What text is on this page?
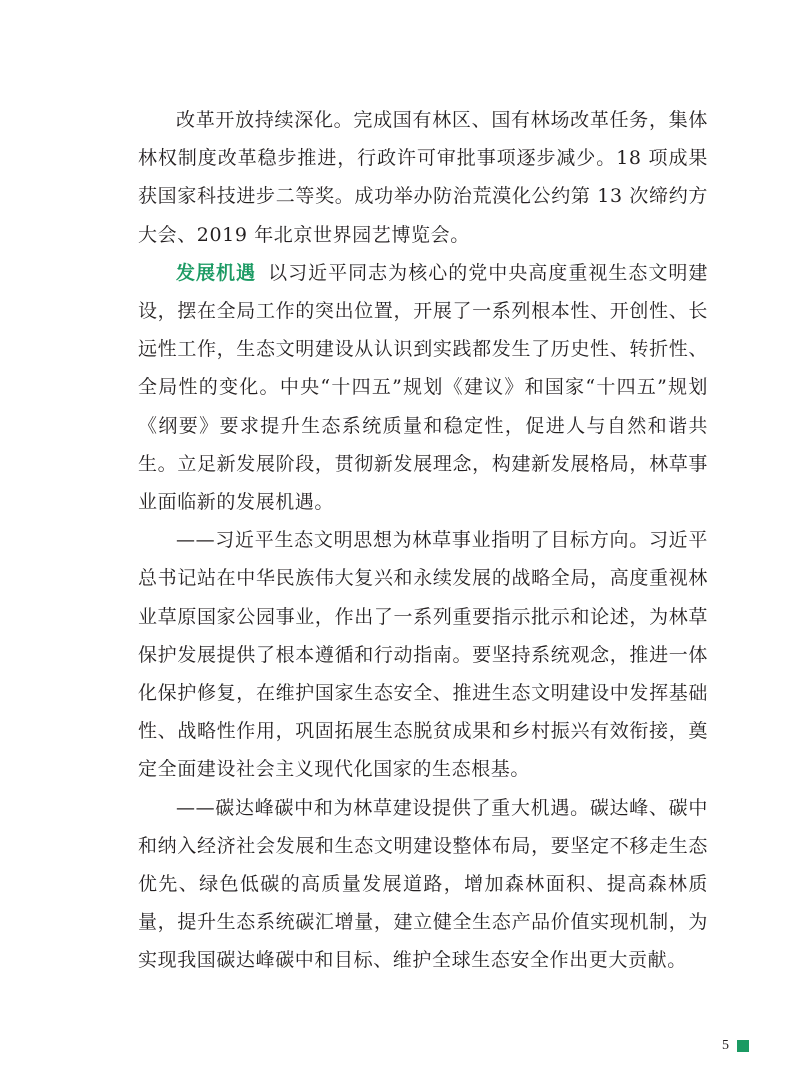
改革开放持续深化。完成国有林区、国有林场改革任务，集体林权制度改革稳步推进，行政许可审批事项逐步减少。18 项成果获国家科技进步二等奖。成功举办防治荒漠化公约第 13 次缔约方大会、2019 年北京世界园艺博览会。

发展机遇 以习近平同志为核心的党中央高度重视生态文明建设，摆在全局工作的突出位置，开展了一系列根本性、开创性、长远性工作，生态文明建设从认识到实践都发生了历史性、转折性、全局性的变化。中央“十四五”规划《建议》和国家“十四五”规划《纲要》要求提升生态系统质量和稳定性，促进人与自然和谐共生。立足新发展阶段，贯彻新发展理念，构建新发展格局，林草事业面临新的发展机遇。

——习近平生态文明思想为林草事业指明了目标方向。习近平总书记站在中华民族伟大复兴和永续发展的战略全局，高度重视林业草原国家公园事业，作出了一系列重要指示批示和论述，为林草保护发展提供了根本遵循和行动指南。要坚持系统观念，推进一体化保护修复，在维护国家生态安全、推进生态文明建设中发挥基础性、战略性作用，巩固拓展生态脱贫成果和乡村振兴有效衔接，奠定全面建设社会主义现代化国家的生态根基。

——碳达峰碳中和为林草建设提供了重大机遇。碳达峰、碳中和纳入经济社会发展和生态文明建设整体布局，要坚定不移走生态优先、绿色低碳的高质量发展道路，增加森林面积、提高森林质量，提升生态系统碳汇增量，建立健全生态产品价值实现机制，为实现我国碳达峰碳中和目标、维护全球生态安全作出更大贡献。

5
